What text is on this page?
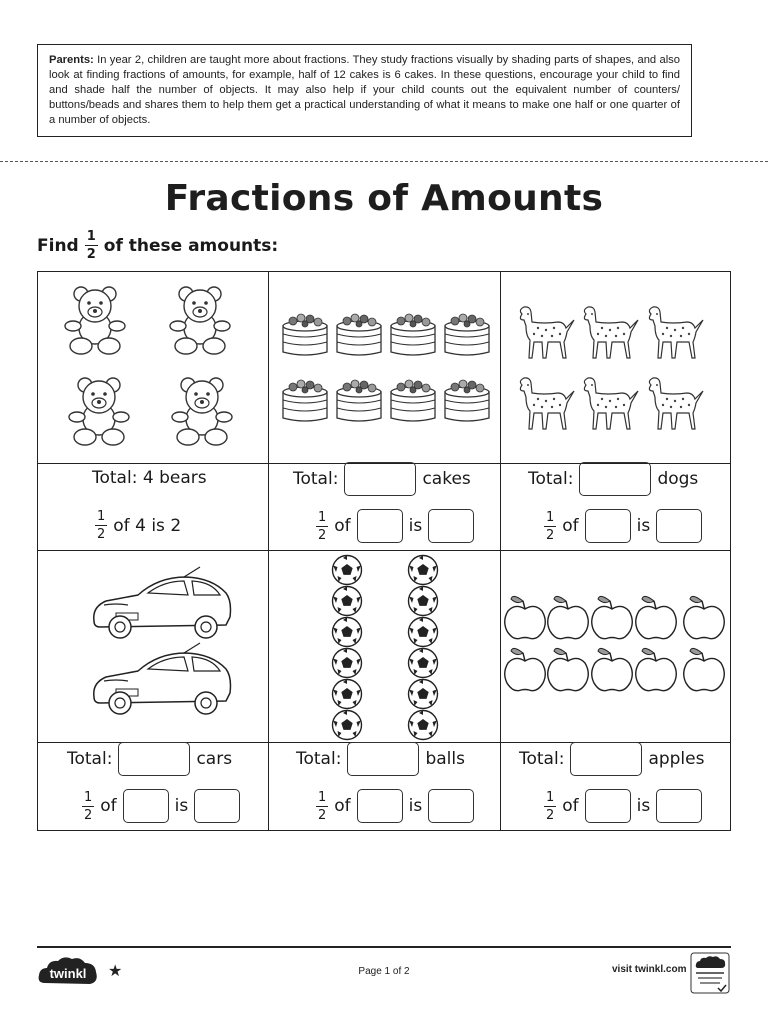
Parents: In year 2, children are taught more about fractions. They study fractions visually by shading parts of shapes, and also look at finding fractions of amounts, for example, half of 12 cakes is 6 cakes. In these questions, encourage your child to find and shade half the number of objects. It may also help if your child counts out the equivalent number of counters/ buttons/beads and shares them to help them get a practical understanding of what it means to make one half or one quarter of a number of objects.
Fractions of Amounts
Find $\frac{1}{2}$ of these amounts:
Total:
4
bears
$\frac{1}{2}$ of
4
is
2
Total:	cakes
$\frac{1}{2}$ of	is
Total:	dogs
$\frac{1}{2}$ of	is
Total:	cars
$\frac{1}{2}$ of	is
Total:	balls
$\frac{1}{2}$ of	is
Total:	apples
$\frac{1}{2}$ of	is
twinkl ★	Page 1 of 2	visit twinkl.com
